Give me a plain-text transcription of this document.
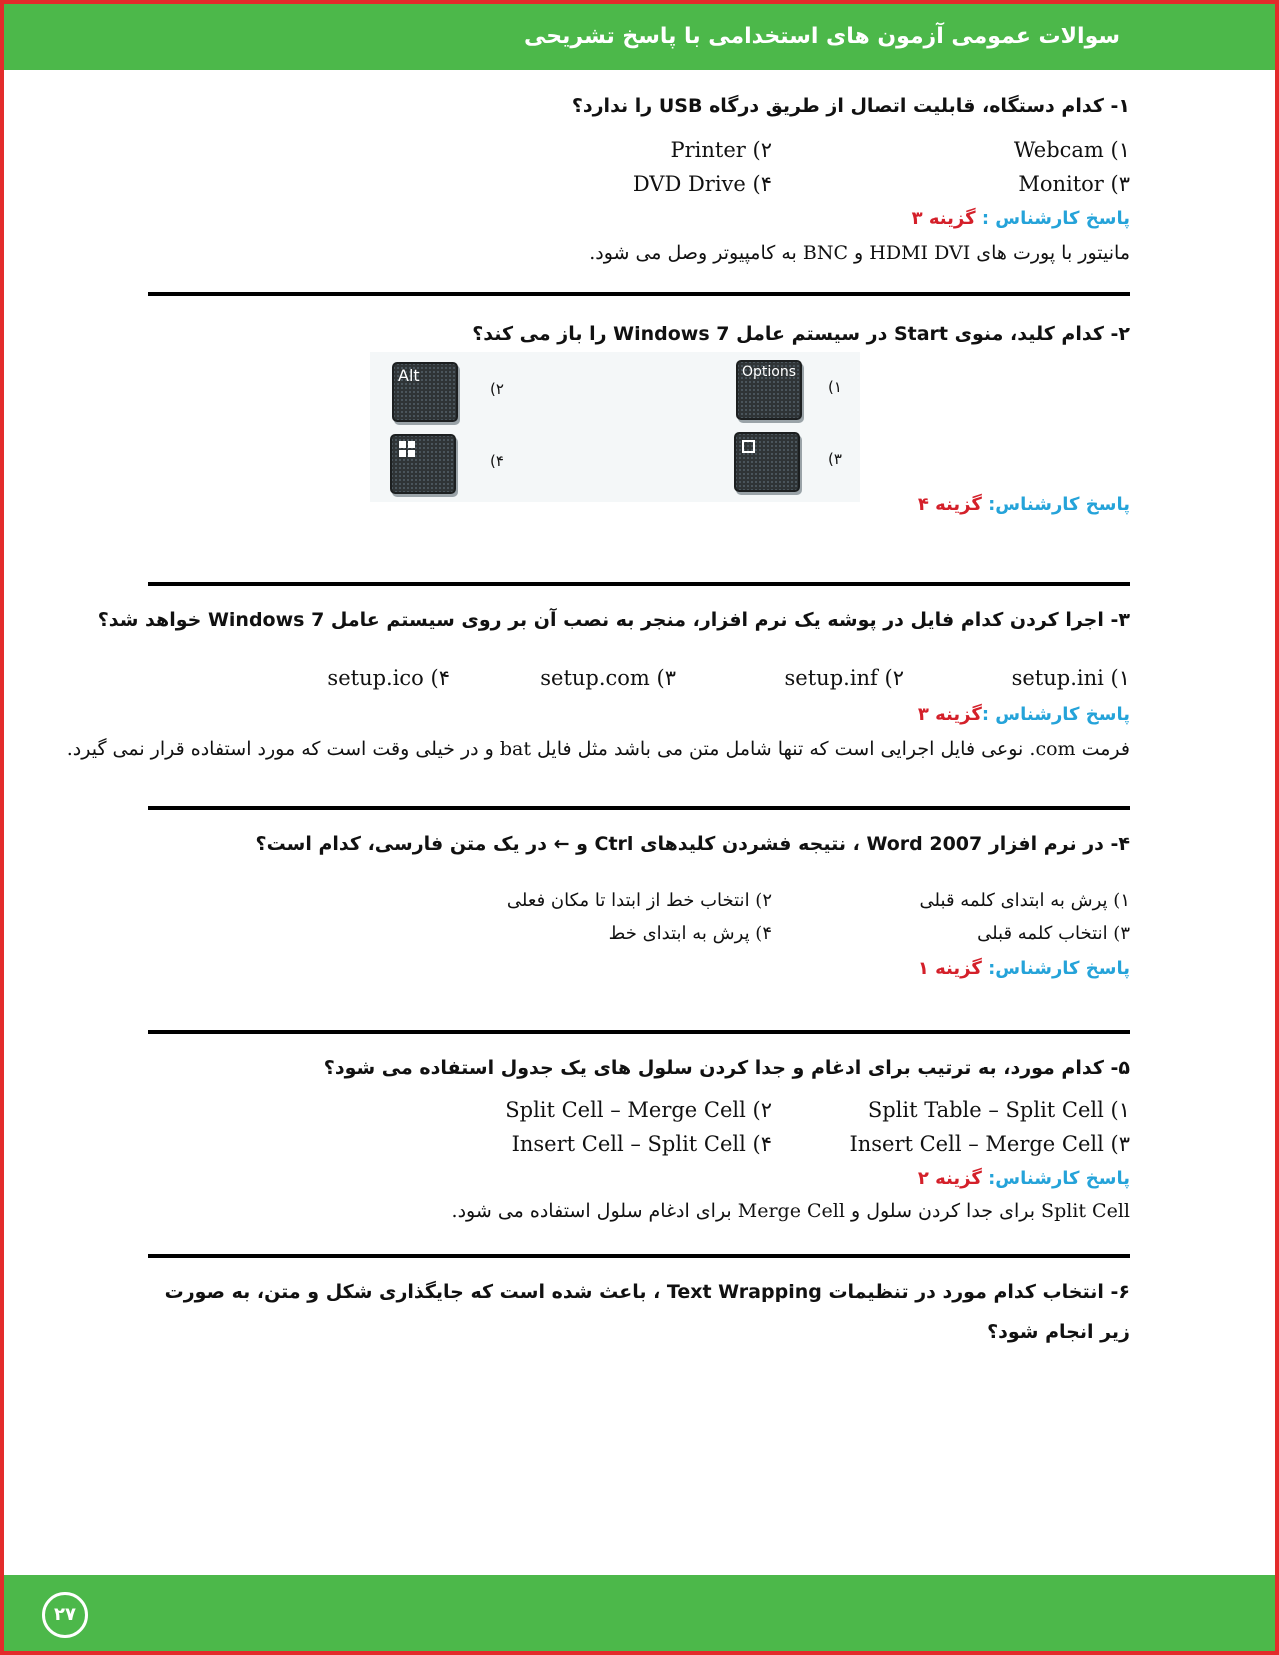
سوالات عمومی آزمون های استخدامی با پاسخ تشریحی
۱- کدام دستگاه، قابلیت اتصال از طریق درگاه USB را ندارد؟
۱) Webcam
۲) Printer
۳) Monitor
۴) DVD Drive
پاسخ کارشناس : گزینه ۳
مانیتور با پورت های HDMI DVI و BNC به کامپیوتر وصل می شود.
۲- کدام کلید، منوی Start در سیستم عامل Windows 7 را باز می کند؟
Alt
۲)
۴)
Options
۱)
۳)
پاسخ کارشناس: گزینه ۴
۳- اجرا کردن کدام فایل در پوشه یک نرم افزار، منجر به نصب آن بر روی سیستم عامل Windows 7 خواهد شد؟
۱) setup.ini
۲) setup.inf
۳) setup.com
۴) setup.ico
پاسخ کارشناس :گزینه ۳
فرمت com. نوعی فایل اجرایی است که تنها شامل متن می باشد مثل فایل bat و در خیلی وقت است که مورد استفاده قرار نمی گیرد.
۴- در نرم افزار Word 2007 ، نتیجه فشردن کلیدهای Ctrl و ← در یک متن فارسی، کدام است؟
۱) پرش به ابتدای کلمه قبلی
۲) انتخاب خط از ابتدا تا مکان فعلی
۳) انتخاب کلمه قبلی
۴) پرش به ابتدای خط
پاسخ کارشناس: گزینه ۱
۵- کدام مورد، به ترتیب برای ادغام و جدا کردن سلول های یک جدول استفاده می شود؟
۱) Split Table – Split Cell
۲) Split Cell – Merge Cell
۳) Insert Cell – Merge Cell
۴) Insert Cell – Split Cell
پاسخ کارشناس: گزینه ۲
Split Cell برای جدا کردن سلول و Merge Cell برای ادغام سلول استفاده می شود.
۶- انتخاب کدام مورد در تنظیمات Text Wrapping ، باعث شده است که جایگذاری شکل و متن، به صورت زیر انجام شود؟
۲۷
